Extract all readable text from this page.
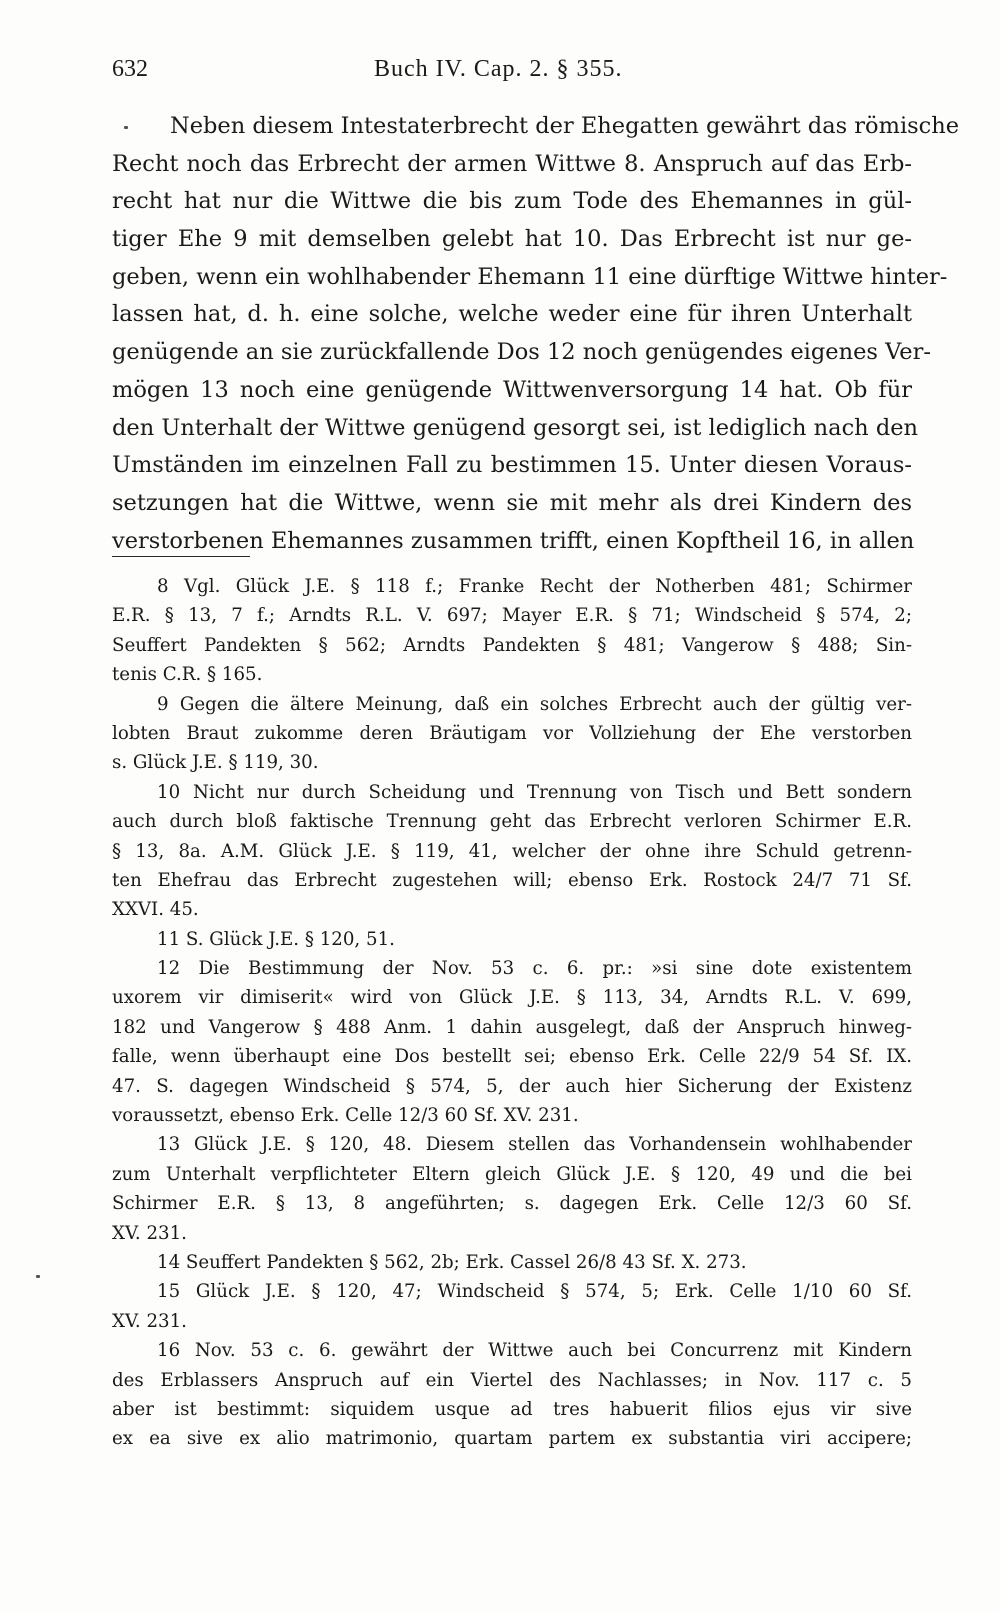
632	Buch IV. Cap. 2. § 355.
Neben diesem Intestaterbrecht der Ehegatten gewährt das römische
Recht noch das Erbrecht der armen Wittwe 8. Anspruch auf das Erb-
recht hat nur die Wittwe die bis zum Tode des Ehemannes in gül-
tiger Ehe 9 mit demselben gelebt hat 10. Das Erbrecht ist nur ge-
geben, wenn ein wohlhabender Ehemann 11 eine dürftige Wittwe hinter-
lassen hat, d. h. eine solche, welche weder eine für ihren Unterhalt
genügende an sie zurückfallende Dos 12 noch genügendes eigenes Ver-
mögen 13 noch eine genügende Wittwenversorgung 14 hat. Ob für
den Unterhalt der Wittwe genügend gesorgt sei, ist lediglich nach den
Umständen im einzelnen Fall zu bestimmen 15. Unter diesen Voraus-
setzungen hat die Wittwe, wenn sie mit mehr als drei Kindern des
verstorbenen Ehemannes zusammen trifft, einen Kopftheil 16, in allen
8 Vgl. Glück J.E. § 118 f.; Franke Recht der Notherben 481; Schirmer
E.R. § 13, 7 f.; Arndts R.L. V. 697; Mayer E.R. § 71; Windscheid § 574, 2;
Seuffert Pandekten § 562; Arndts Pandekten § 481; Vangerow § 488; Sin-
tenis C.R. § 165.
9 Gegen die ältere Meinung, daß ein solches Erbrecht auch der gültig ver-
lobten Braut zukomme deren Bräutigam vor Vollziehung der Ehe verstorben
s. Glück J.E. § 119, 30.
10 Nicht nur durch Scheidung und Trennung von Tisch und Bett sondern
auch durch bloß faktische Trennung geht das Erbrecht verloren Schirmer E.R.
§ 13, 8a. A.M. Glück J.E. § 119, 41, welcher der ohne ihre Schuld getrenn-
ten Ehefrau das Erbrecht zugestehen will; ebenso Erk. Rostock 24/7 71 Sf.
XXVI. 45.
11 S. Glück J.E. § 120, 51.
12 Die Bestimmung der Nov. 53 c. 6. pr.: »si sine dote existentem
uxorem vir dimiserit« wird von Glück J.E. § 113, 34, Arndts R.L. V. 699,
182 und Vangerow § 488 Anm. 1 dahin ausgelegt, daß der Anspruch hinweg-
falle, wenn überhaupt eine Dos bestellt sei; ebenso Erk. Celle 22/9 54 Sf. IX.
47. S. dagegen Windscheid § 574, 5, der auch hier Sicherung der Existenz
voraussetzt, ebenso Erk. Celle 12/3 60 Sf. XV. 231.
13 Glück J.E. § 120, 48. Diesem stellen das Vorhandensein wohlhabender
zum Unterhalt verpflichteter Eltern gleich Glück J.E. § 120, 49 und die bei
Schirmer E.R. § 13, 8 angeführten; s. dagegen Erk. Celle 12/3 60 Sf.
XV. 231.
14 Seuffert Pandekten § 562, 2b; Erk. Cassel 26/8 43 Sf. X. 273.
15 Glück J.E. § 120, 47; Windscheid § 574, 5; Erk. Celle 1/10 60 Sf.
XV. 231.
16 Nov. 53 c. 6. gewährt der Wittwe auch bei Concurrenz mit Kindern
des Erblassers Anspruch auf ein Viertel des Nachlasses; in Nov. 117 c. 5
aber ist bestimmt: siquidem usque ad tres habuerit filios ejus vir sive
ex ea sive ex alio matrimonio, quartam partem ex substantia viri accipere;
